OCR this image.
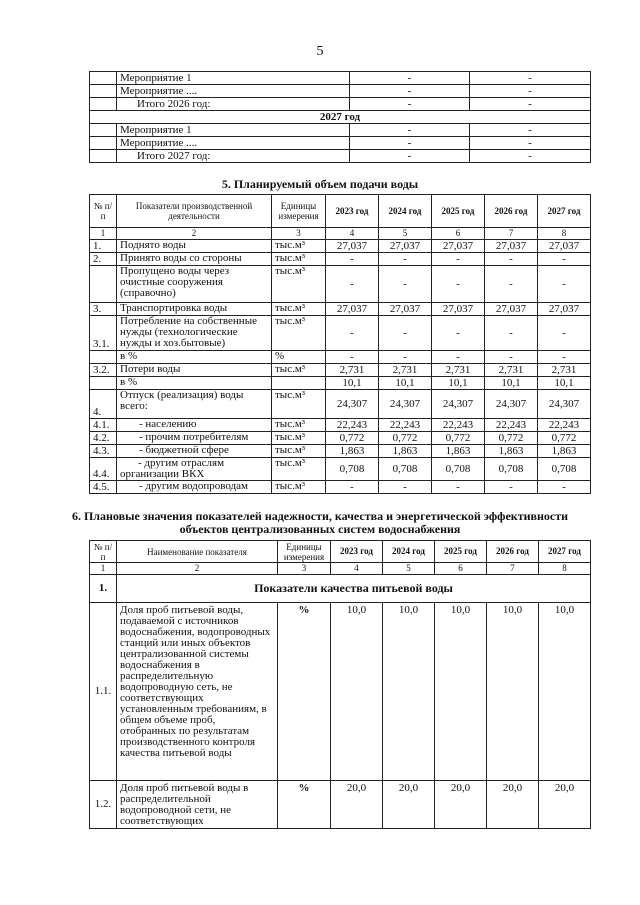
5
	Мероприятие 1	-	-
	Мероприятие ....	-	-
	Итого 2026 год:	-	-
2027 год			
	Мероприятие 1	-	-
	Мероприятие ....	-	-
	Итого 2027 год:	-	-
5. Планируемый объем подачи воды
№ п/п	Показатели производственной деятельности	Единицы измерения	2023 год	2024 год	2025 год	2026 год	2027 год
1	2	3	4	5	6	7	8
1.	Поднято воды	тыс.м³	27,037	27,037	27,037	27,037	27,037
2.	Принято воды со стороны	тыс.м³	-	-	-	-	-
	Пропущено воды через очистные сооружения (справочно)	тыс.м³	-	-	-	-	-
3.	Транспортировка воды	тыс.м³	27,037	27,037	27,037	27,037	27,037
3.1.	Потребление на собственные нужды (технологические нужды и хоз.бытовые)	тыс.м³	-	-	-	-	-
	в %	%	-	-	-	-	-
3.2.	Потери воды	тыс.м³	2,731	2,731	2,731	2,731	2,731
	в %		10,1	10,1	10,1	10,1	10,1
4.	Отпуск (реализация) воды всего:	тыс.м³	24,307	24,307	24,307	24,307	24,307
4.1.	- населению	тыс.м³	22,243	22,243	22,243	22,243	22,243
4.2.	- прочим потребителям	тыс.м³	0,772	0,772	0,772	0,772	0,772
4.3.	- бюджетной сфере	тыс.м³	1,863	1,863	1,863	1,863	1,863
4.4.	- другим отраслям организации ВКХ	тыс.м³	0,708	0,708	0,708	0,708	0,708
4.5.	- другим водопроводам	тыс.м³	-	-	-	-	-
6. Плановые значения показателей надежности, качества и энергетической эффективности
объектов централизованных систем водоснабжения
№ п/п	Наименование показателя	Единицы измерения	2023 год	2024 год	2025 год	2026 год	2027 год
1	2	3	4	5	6	7	8
1.	Показатели качества питьевой воды						
1.1.	Доля проб питьевой воды, подаваемой с источников водоснабжения, водопроводных станций или иных объектов централизованной системы водоснабжения в распределительную водопроводную сеть, не соответствующих установленным требованиям, в общем объеме проб, отобранных по результатам производственного контроля качества питьевой воды	%	10,0	10,0	10,0	10,0	10,0
1.2.	Доля проб питьевой воды в распределительной водопроводной сети, не соответствующих	%	20,0	20,0	20,0	20,0	20,0
